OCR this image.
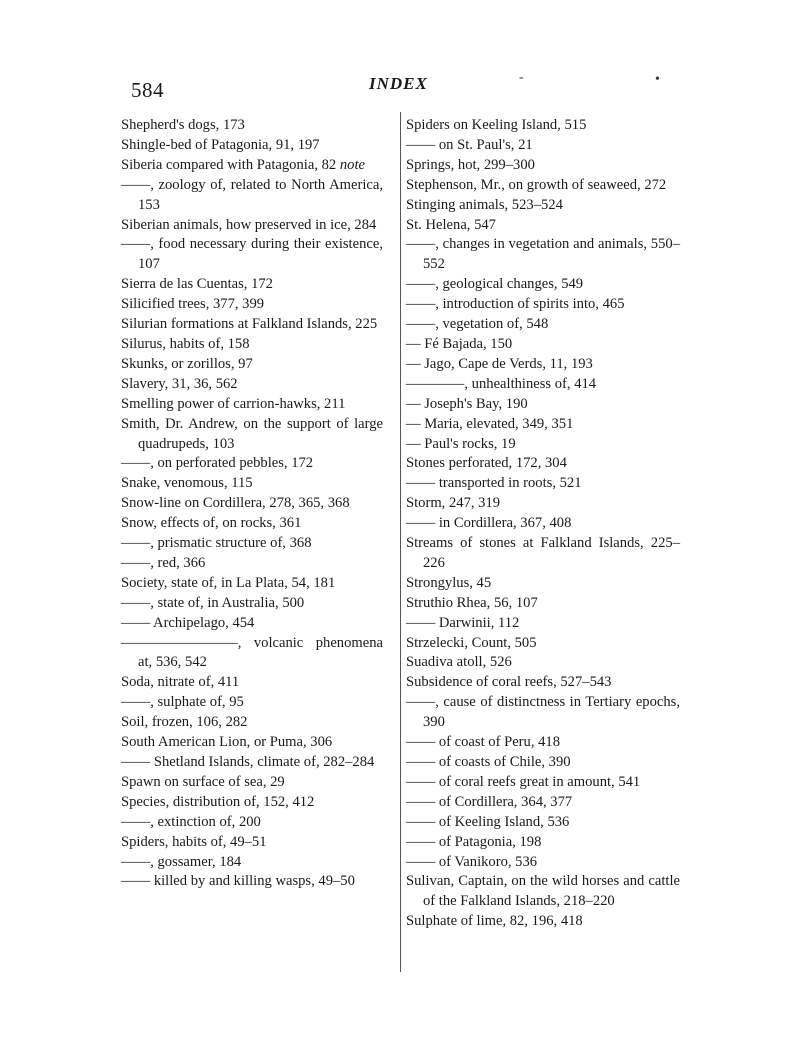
584	INDEX	-	•
Shepherd's dogs, 173
Shingle-bed of Patagonia, 91, 197
Siberia compared with Patagonia, 82 note
——, zoology of, related to North America, 153
Siberian animals, how preserved in ice, 284
——, food necessary during their existence, 107
Sierra de las Cuentas, 172
Silicified trees, 377, 399
Silurian formations at Falkland Islands, 225
Silurus, habits of, 158
Skunks, or zorillos, 97
Slavery, 31, 36, 562
Smelling power of carrion-hawks, 211
Smith, Dr. Andrew, on the support of large quadrupeds, 103
——, on perforated pebbles, 172
Snake, venomous, 115
Snow-line on Cordillera, 278, 365, 368
Snow, effects of, on rocks, 361
——, prismatic structure of, 368
——, red, 366
Society, state of, in La Plata, 54, 181
——, state of, in Australia, 500
—— Archipelago, 454
————————, volcanic phenomena at, 536, 542
Soda, nitrate of, 411
——, sulphate of, 95
Soil, frozen, 106, 282
South American Lion, or Puma, 306
—— Shetland Islands, climate of, 282–284
Spawn on surface of sea, 29
Species, distribution of, 152, 412
——, extinction of, 200
Spiders, habits of, 49–51
——, gossamer, 184
—— killed by and killing wasps, 49–50
Spiders on Keeling Island, 515
—— on St. Paul's, 21
Springs, hot, 299–300
Stephenson, Mr., on growth of seaweed, 272
Stinging animals, 523–524
St. Helena, 547
——, changes in vegetation and animals, 550–552
——, geological changes, 549
——, introduction of spirits into, 465
——, vegetation of, 548
— Fé Bajada, 150
— Jago, Cape de Verds, 11, 193
————, unhealthiness of, 414
— Joseph's Bay, 190
— Maria, elevated, 349, 351
— Paul's rocks, 19
Stones perforated, 172, 304
—— transported in roots, 521
Storm, 247, 319
—— in Cordillera, 367, 408
Streams of stones at Falkland Islands, 225–226
Strongylus, 45
Struthio Rhea, 56, 107
—— Darwinii, 112
Strzelecki, Count, 505
Suadiva atoll, 526
Subsidence of coral reefs, 527–543
——, cause of distinctness in Tertiary epochs, 390
—— of coast of Peru, 418
—— of coasts of Chile, 390
—— of coral reefs great in amount, 541
—— of Cordillera, 364, 377
—— of Keeling Island, 536
—— of Patagonia, 198
—— of Vanikoro, 536
Sulivan, Captain, on the wild horses and cattle of the Falkland Islands, 218–220
Sulphate of lime, 82, 196, 418
